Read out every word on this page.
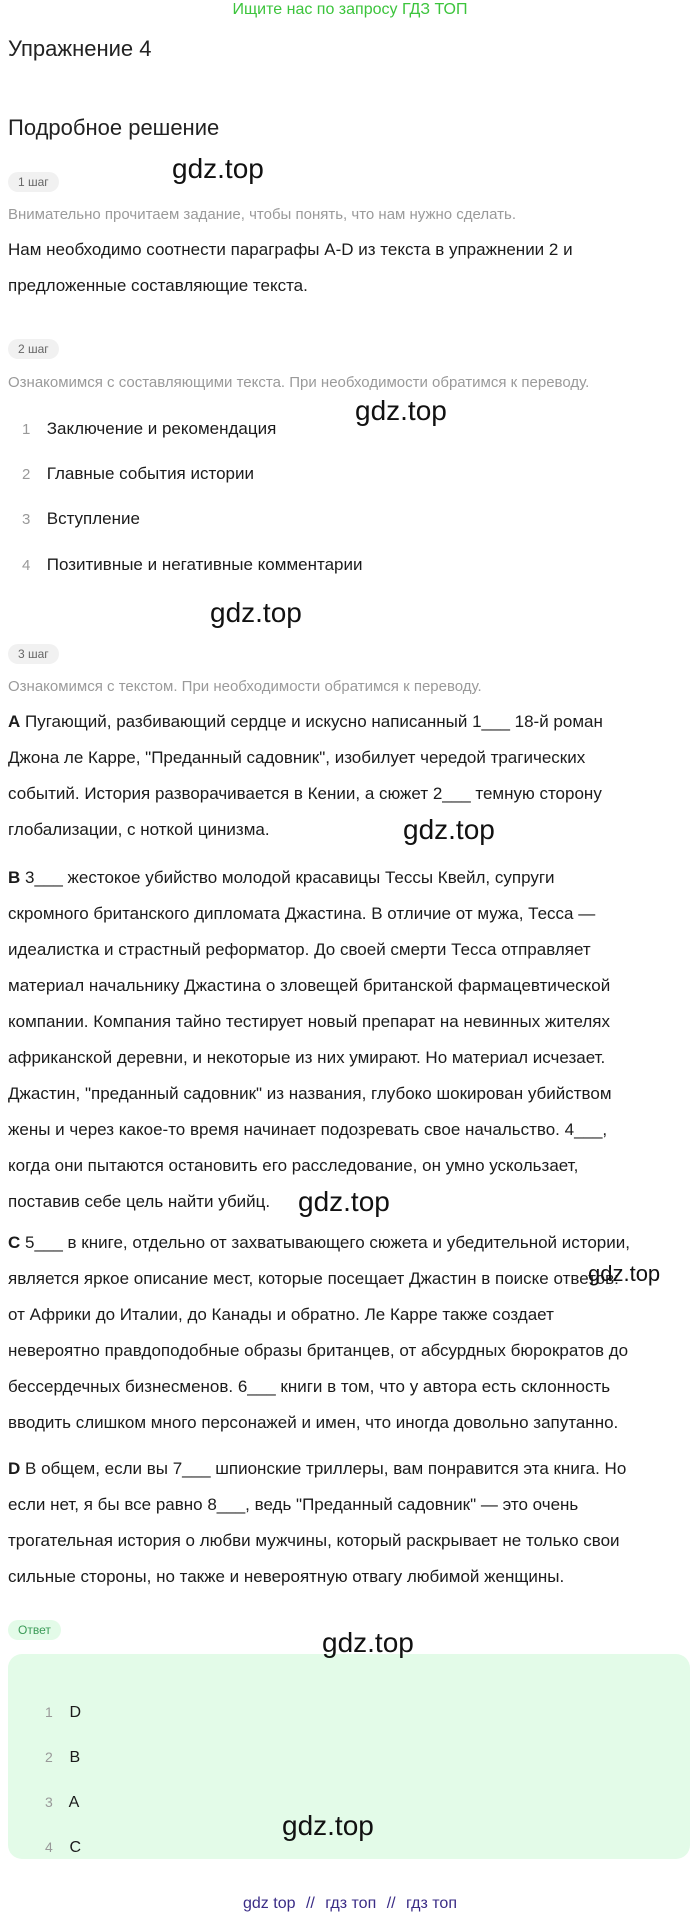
Ищите нас по запросу ГДЗ ТОП
Упражнение 4
Подробное решение
1 шаг	gdz.top
Внимательно прочитаем задание, чтобы понять, что нам нужно сделать.
Нам необходимо соотнести параграфы A-D из текста в упражнении 2 и
предложенные составляющие текста.
2 шаг
Ознакомимся с составляющими текста. При необходимости обратимся к переводу.
gdz.top
1 Заключение и рекомендация
2 Главные события истории
3 Вступление
4 Позитивные и негативные комментарии
gdz.top
3 шаг
Ознакомимся с текстом. При необходимости обратимся к переводу.
A Пугающий, разбивающий сердце и искусно написанный 1___ 18-й роман
Джона ле Карре, "Преданный садовник", изобилует чередой трагических
событий. История разворачивается в Кении, а сюжет 2___ темную сторону
глобализации, с ноткой цинизма.	gdz.top
B 3___ жестокое убийство молодой красавицы Тессы Квейл, супруги
скромного британского дипломата Джастина. В отличие от мужа, Тесса —
идеалистка и страстный реформатор. До своей смерти Тесса отправляет
материал начальнику Джастина о зловещей британской фармацевтической
компании. Компания тайно тестирует новый препарат на невинных жителях
африканской деревни, и некоторые из них умирают. Но материал исчезает.
Джастин, "преданный садовник" из названия, глубоко шокирован убийством
жены и через какое-то время начинает подозревать свое начальство. 4___,
когда они пытаются остановить его расследование, он умно ускользает,
поставив себе цель найти убийц. gdz.top
C 5___ в книге, отдельно от захватывающего сюжета и убедительной истории,
является яркое описание мест, которые посещает Джастин в поиске ответов:
gdz.top
от Африки до Италии, до Канады и обратно. Ле Карре также создает
невероятно правдоподобные образы британцев, от абсурдных бюрократов до
бессердечных бизнесменов. 6___ книги в том, что у автора есть склонность
вводить слишком много персонажей и имен, что иногда довольно запутанно.
D В общем, если вы 7___ шпионские триллеры, вам понравится эта книга. Но
если нет, я бы все равно 8___, ведь "Преданный садовник" — это очень
трогательная история о любви мужчины, который раскрывает не только свои
сильные стороны, но также и невероятную отвагу любимой женщины.
Ответ	gdz.top
1 D
2 B
3 A
4 C
gdz.top
gdz top // гдз топ // гдз топ
